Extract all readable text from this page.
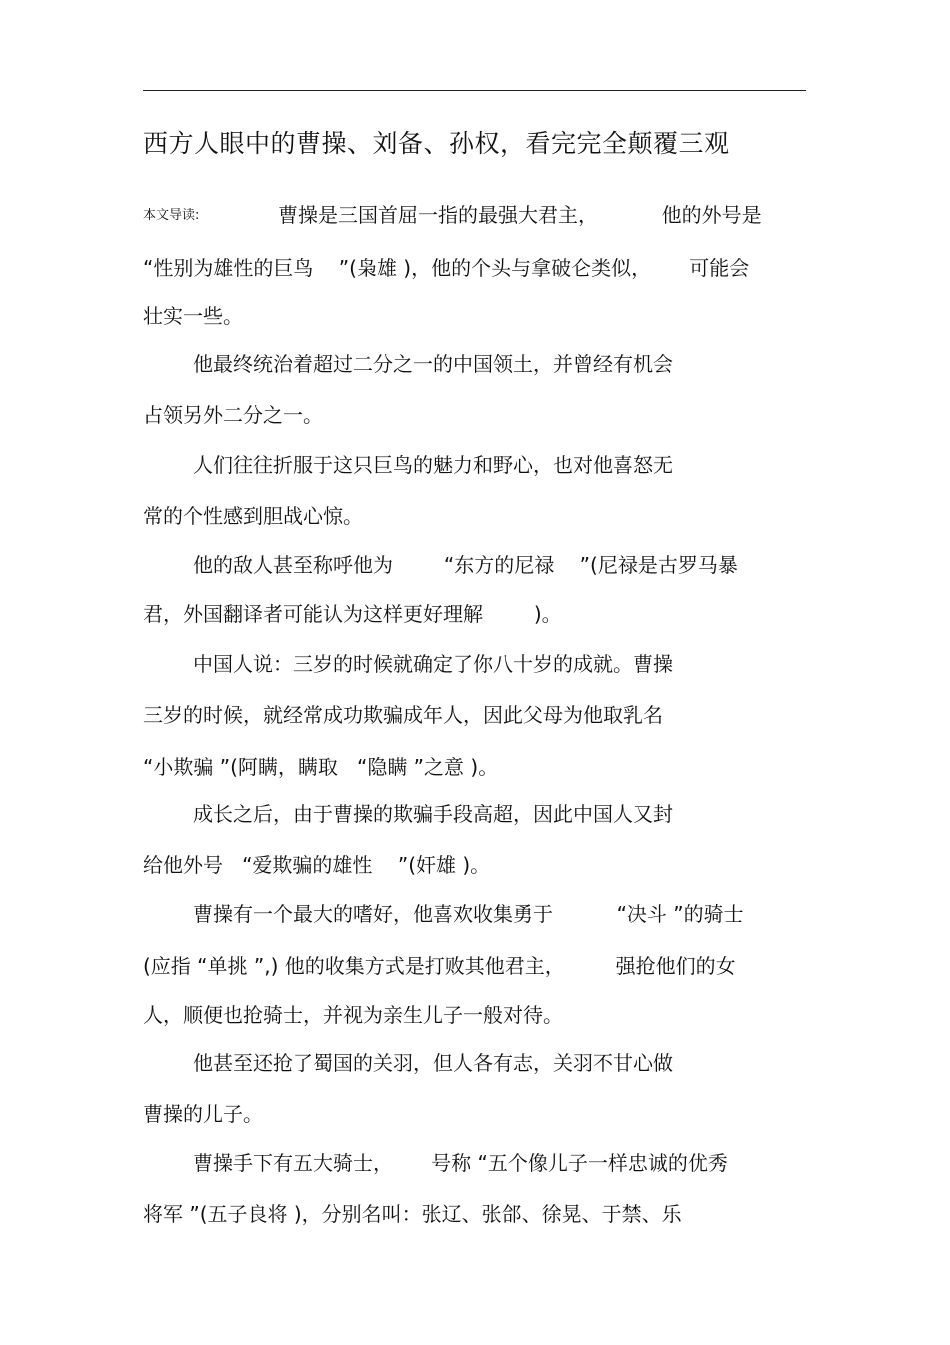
西方人眼中的曹操、刘备、孙权，看完完全颠覆三观
本文导读:	曹操是三国首屈一指的最强大君主，          他的外号是
“性别为雄性的巨鸟    ”(枭雄 )，他的个头与拿破仑类似，      可能会
壮实一些。
他最终统治着超过二分之一的中国领土，并曾经有机会
占领另外二分之一。
人们往往折服于这只巨鸟的魅力和野心，也对他喜怒无
常的个性感到胆战心惊。
他的敌人甚至称呼他为        “东方的尼禄    ”(尼禄是古罗马暴
君，外国翻译者可能认为这样更好理解        )。
中国人说：三岁的时候就确定了你八十岁的成就。曹操
三岁的时候，就经常成功欺骗成年人，因此父母为他取乳名
“小欺骗 ”(阿瞒，瞒取   “隐瞒 ”之意 )。
成长之后，由于曹操的欺骗手段高超，因此中国人又封
给他外号   “爱欺骗的雄性    ”(奸雄 )。
曹操有一个最大的嗜好，他喜欢收集勇于          “决斗 ”的骑士
(应指 “单挑 ”,) 他的收集方式是打败其他君主，        强抢他们的女
人，顺便也抢骑士，并视为亲生儿子一般对待。
他甚至还抢了蜀国的关羽，但人各有志，关羽不甘心做
曹操的儿子。
曹操手下有五大骑士，      号称 “五个像儿子一样忠诚的优秀
将军 ”(五子良将 )，分别名叫：张辽、张郃、徐晃、于禁、乐
